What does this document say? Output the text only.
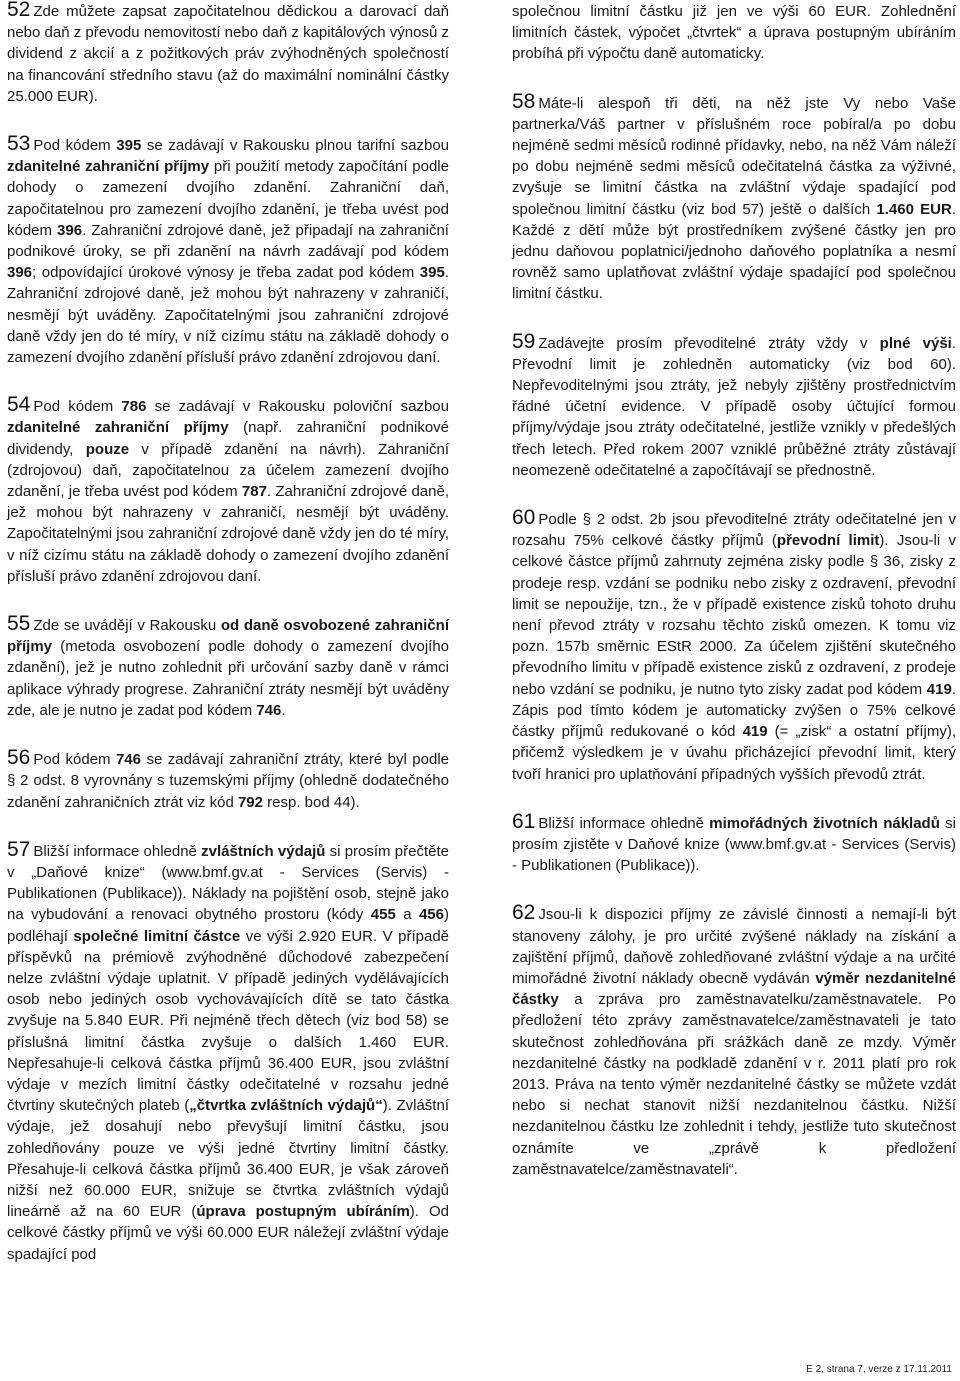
52 Zde můžete zapsat započitatelnou dědickou a darovací daň nebo daň z převodu nemovitostí nebo daň z kapitálových výnosů z dividend z akcií a z požitkových práv zvýhodněných společností na financování středního stavu (až do maximální nominální částky 25.000 EUR).

53 Pod kódem 395 se zadávají v Rakousku plnou tarifní sazbou zdanitelné zahraniční příjmy při použití metody započítání podle dohody o zamezení dvojího zdanění. Zahraniční daň, započitatelnou pro zamezení dvojího zdanění, je třeba uvést pod kódem 396. Zahraniční zdrojové daně, jež připadají na zahraniční podnikové úroky, se při zdanění na návrh zadávají pod kódem 396; odpovídající úrokové výnosy je třeba zadat pod kódem 395. Zahraniční zdrojové daně, jež mohou být nahrazeny v zahraničí, nesmějí být uváděny. Započitatelnými jsou zahraniční zdrojové daně vždy jen do té míry, v níž cizímu státu na základě dohody o zamezení dvojího zdanění přísluší právo zdanění zdrojovou daní.

54 Pod kódem 786 se zadávají v Rakousku poloviční sazbou zdanitelné zahraniční příjmy (např. zahraniční podnikové dividendy, pouze v případě zdanění na návrh). Zahraniční (zdrojovou) daň, započitatelnou za účelem zamezení dvojího zdanění, je třeba uvést pod kódem 787. Zahraniční zdrojové daně, jež mohou být nahrazeny v zahraničí, nesmějí být uváděny. Započitatelnými jsou zahraniční zdrojové daně vždy jen do té míry, v níž cizímu státu na základě dohody o zamezení dvojího zdanění přísluší právo zdanění zdrojovou daní.

55 Zde se uvádějí v Rakousku od daně osvobozené zahraniční příjmy (metoda osvobození podle dohody o zamezení dvojího zdanění), jež je nutno zohlednit při určování sazby daně v rámci aplikace výhrady progrese. Zahraniční ztráty nesmějí být uváděny zde, ale je nutno je zadat pod kódem 746.

56 Pod kódem 746 se zadávají zahraniční ztráty, které byl podle § 2 odst. 8 vyrovnány s tuzemskými příjmy (ohledně dodatečného zdanění zahraničních ztrát viz kód 792 resp. bod 44).

57 Bližší informace ohledně zvláštních výdajů si prosím přečtěte v „Daňové knize“ (www.bmf.gv.at - Services (Servis) - Publikationen (Publikace)). Náklady na pojištění osob, stejně jako na vybudování a renovaci obytného prostoru (kódy 455 a 456) podléhají společné limitní částce ve výši 2.920 EUR. V případě příspěvků na prémiově zvýhodněné důchodové zabezpečení nelze zvláštní výdaje uplatnit. V případě jediných vydělávajících osob nebo jediných osob vychovávajících dítě se tato částka zvyšuje na 5.840 EUR. Při nejméně třech dětech (viz bod 58) se příslušná limitní částka zvyšuje o dalších 1.460 EUR. Nepřesahuje-li celková částka příjmů 36.400 EUR, jsou zvláštní výdaje v mezích limitní částky odečitatelné v rozsahu jedné čtvrtiny skutečných plateb („čtvrtka zvláštních výdajů“). Zvláštní výdaje, jež dosahují nebo převyšují limitní částku, jsou zohledňovány pouze ve výši jedné čtvrtiny limitní částky. Přesahuje-li celková částka příjmů 36.400 EUR, je však zároveň nižší než 60.000 EUR, snižuje se čtvrtka zvláštních výdajů lineárně až na 60 EUR (úprava postupným ubíráním). Od celkové částky příjmů ve výši 60.000 EUR náležejí zvláštní výdaje spadající pod

společnou limitní částku již jen ve výši 60 EUR. Zohlednění limitních částek, výpočet „čtvrtek“ a úprava postupným ubíráním probíhá při výpočtu daně automaticky.

58 Máte-li alespoň tři děti, na něž jste Vy nebo Vaše partnerka/Váš partner v příslušném roce pobíral/a po dobu nejméně sedmi měsíců rodinné přídavky, nebo, na něž Vám náleží po dobu nejméně sedmi měsíců odečitatelná částka za výživné, zvyšuje se limitní částka na zvláštní výdaje spadající pod společnou limitní částku (viz bod 57) ještě o dalších 1.460 EUR. Každé z dětí může být prostředníkem zvýšené částky jen pro jednu daňovou poplatnici/jednoho daňového poplatníka a nesmí rovněž samo uplatňovat zvláštní výdaje spadající pod společnou limitní částku.

59 Zadávejte prosím převoditelné ztráty vždy v plné výši. Převodní limit je zohledněn automaticky (viz bod 60). Nepřevoditelnými jsou ztráty, jež nebyly zjištěny prostřednictvím řádné účetní evidence. V případě osoby účtující formou příjmy/výdaje jsou ztráty odečitatelné, jestliže vznikly v předešlých třech letech. Před rokem 2007 vzniklé průběžné ztráty zůstávají neomezeně odečitatelné a započítávají se přednostně.

60 Podle § 2 odst. 2b jsou převoditelné ztráty odečitatelné jen v rozsahu 75% celkové částky příjmů (převodní limit). Jsou-li v celkové částce příjmů zahrnuty zejména zisky podle § 36, zisky z prodeje resp. vzdání se podniku nebo zisky z ozdravení, převodní limit se nepoužije, tzn., že v případě existence zisků tohoto druhu není převod ztráty v rozsahu těchto zisků omezen. K tomu viz pozn. 157b směrnic EStR 2000. Za účelem zjištění skutečného převodního limitu v případě existence zisků z ozdravení, z prodeje nebo vzdání se podniku, je nutno tyto zisky zadat pod kódem 419. Zápis pod tímto kódem je automaticky zvýšen o 75% celkové částky příjmů redukované o kód 419 (= „zisk“ a ostatní příjmy), přičemž výsledkem je v úvahu přicházející převodní limit, který tvoří hranici pro uplatňování případných vyšších převodů ztrát.

61 Bližší informace ohledně mimořádných životních nákladů si prosím zjistěte v Daňové knize (www.bmf.gv.at - Services (Servis) - Publikationen (Publikace)).

62 Jsou-li k dispozici příjmy ze závislé činnosti a nemají-li být stanoveny zálohy, je pro určité zvýšené náklady na získání a zajištění příjmů, daňově zohledňované zvláštní výdaje a na určité mimořádné životní náklady obecně vydáván výměr nezdanitelné částky a zpráva pro zaměstnavatelku/zaměstnavatele. Po předložení této zprávy zaměstnavatelce/zaměstnavateli je tato skutečnost zohledňována při srážkách daně ze mzdy. Výměr nezdanitelné částky na podkladě zdanění v r. 2011 platí pro rok 2013. Práva na tento výměr nezdanitelné částky se můžete vzdát nebo si nechat stanovit nižší nezdanitelnou částku. Nižší nezdanitelnou částku lze zohlednit i tehdy, jestliže tuto skutečnost oznámíte ve „zprávě k předložení zaměstnavatelce/zaměstnavateli“.

E 2, strana 7, verze z 17.11.2011
